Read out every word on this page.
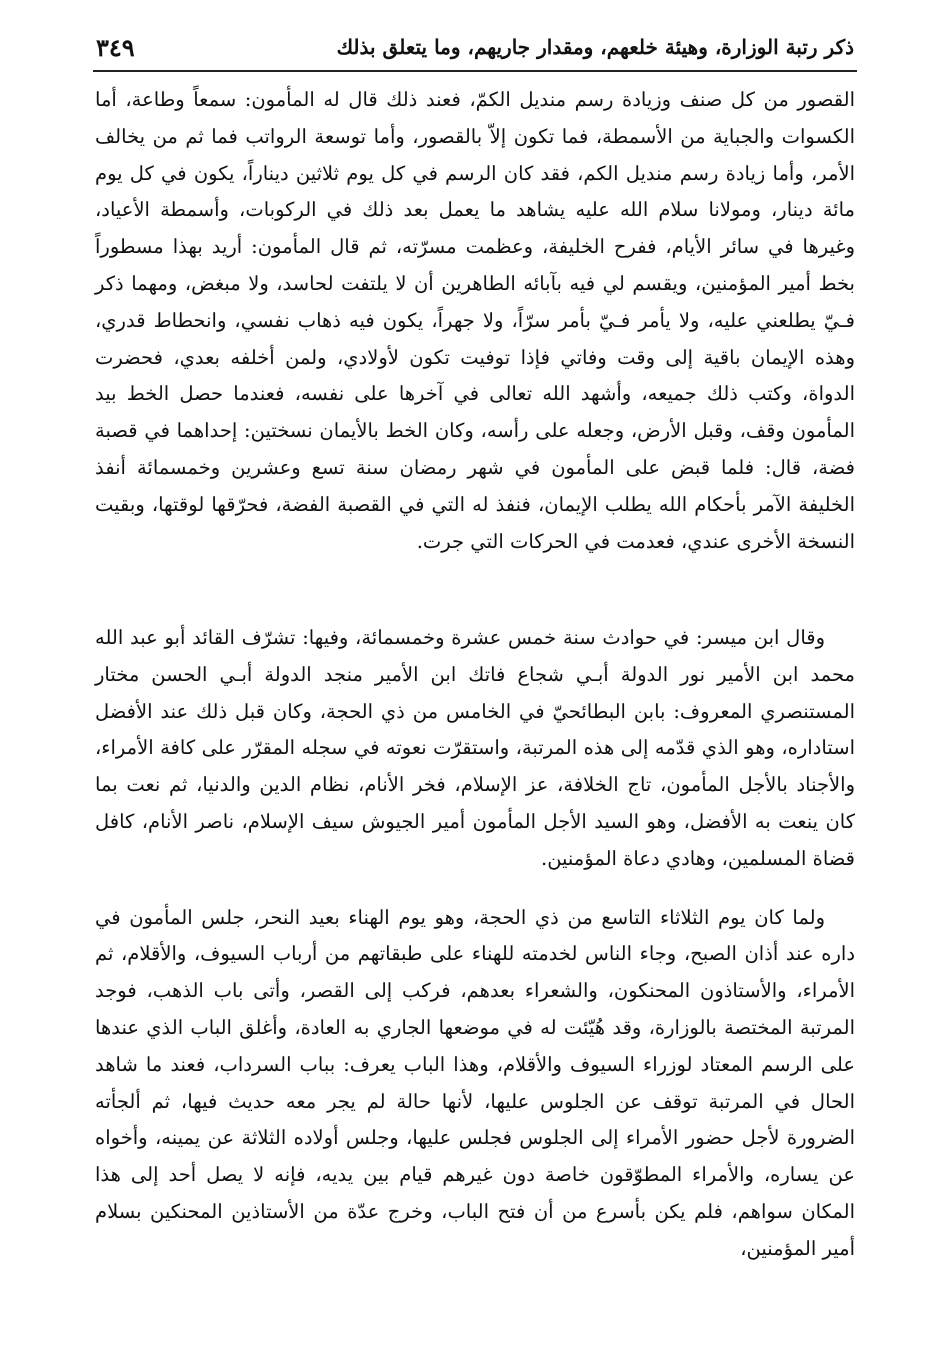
ذكر رتبة الوزارة، وهيئة خلعهم، ومقدار جاريهم، وما يتعلق بذلك
٣٤٩

القصور من كل صنف وزيادة رسم منديل الكمّ، فعند ذلك قال له المأمون: سمعاً وطاعة، أما الكسوات والجباية من الأسمطة، فما تكون إلاّ بالقصور، وأما توسعة الرواتب فما ثم من يخالف الأمر، وأما زيادة رسم منديل الكم، فقد كان الرسم في كل يوم ثلاثين ديناراً، يكون في كل يوم مائة دينار، ومولانا سلام الله عليه يشاهد ما يعمل بعد ذلك في الركوبات، وأسمطة الأعياد، وغيرها في سائر الأيام، ففرح الخليفة، وعظمت مسرّته، ثم قال المأمون: أريد بهذا مسطوراً بخط أمير المؤمنين، ويقسم لي فيه بآبائه الطاهرين أن لا يلتفت لحاسد، ولا مبغض، ومهما ذكر فـيّ يطلعني عليه، ولا يأمر فـيّ بأمر سرّاً، ولا جهراً، يكون فيه ذهاب نفسي، وانحطاط قدري، وهذه الإيمان باقية إلى وقت وفاتي فإذا توفيت تكون لأولادي، ولمن أخلفه بعدي، فحضرت الدواة، وكتب ذلك جميعه، وأشهد الله تعالى في آخرها على نفسه، فعندما حصل الخط بيد المأمون وقف، وقبل الأرض، وجعله على رأسه، وكان الخط بالأيمان نسختين: إحداهما في قصبة فضة، قال: فلما قبض على المأمون في شهر رمضان سنة تسع وعشرين وخمسمائة أنفذ الخليفة الآمر بأحكام الله يطلب الإيمان، فنفذ له التي في القصبة الفضة، فحرّقها لوقتها، وبقيت النسخة الأخرى عندي، فعدمت في الحركات التي جرت.

وقال ابن ميسر: في حوادث سنة خمس عشرة وخمسمائة، وفيها: تشرّف القائد أبو عبد الله محمد ابن الأمير نور الدولة أبـي شجاع فاتك ابن الأمير منجد الدولة أبـي الحسن مختار المستنصري المعروف: بابن البطائحيّ في الخامس من ذي الحجة، وكان قبل ذلك عند الأفضل استاداره، وهو الذي قدّمه إلى هذه المرتبة، واستقرّت نعوته في سجله المقرّر على كافة الأمراء، والأجناد بالأجل المأمون، تاج الخلافة، عز الإسلام، فخر الأنام، نظام الدين والدنيا، ثم نعت بما كان ينعت به الأفضل، وهو السيد الأجل المأمون أمير الجيوش سيف الإسلام، ناصر الأنام، كافل قضاة المسلمين، وهادي دعاة المؤمنين.

ولما كان يوم الثلاثاء التاسع من ذي الحجة، وهو يوم الهناء بعيد النحر، جلس المأمون في داره عند أذان الصبح، وجاء الناس لخدمته للهناء على طبقاتهم من أرباب السيوف، والأقلام، ثم الأمراء، والأستاذون المحنكون، والشعراء بعدهم، فركب إلى القصر، وأتى باب الذهب، فوجد المرتبة المختصة بالوزارة، وقد هُيّئت له في موضعها الجاري به العادة، وأغلق الباب الذي عندها على الرسم المعتاد لوزراء السيوف والأقلام، وهذا الباب يعرف: بباب السرداب، فعند ما شاهد الحال في المرتبة توقف عن الجلوس عليها، لأنها حالة لم يجر معه حديث فيها، ثم ألجأته الضرورة لأجل حضور الأمراء إلى الجلوس فجلس عليها، وجلس أولاده الثلاثة عن يمينه، وأخواه عن يساره، والأمراء المطوّقون خاصة دون غيرهم قيام بين يديه، فإنه لا يصل أحد إلى هذا المكان سواهم، فلم يكن بأسرع من أن فتح الباب، وخرج عدّة من الأستاذين المحنكين بسلام أمير المؤمنين،
